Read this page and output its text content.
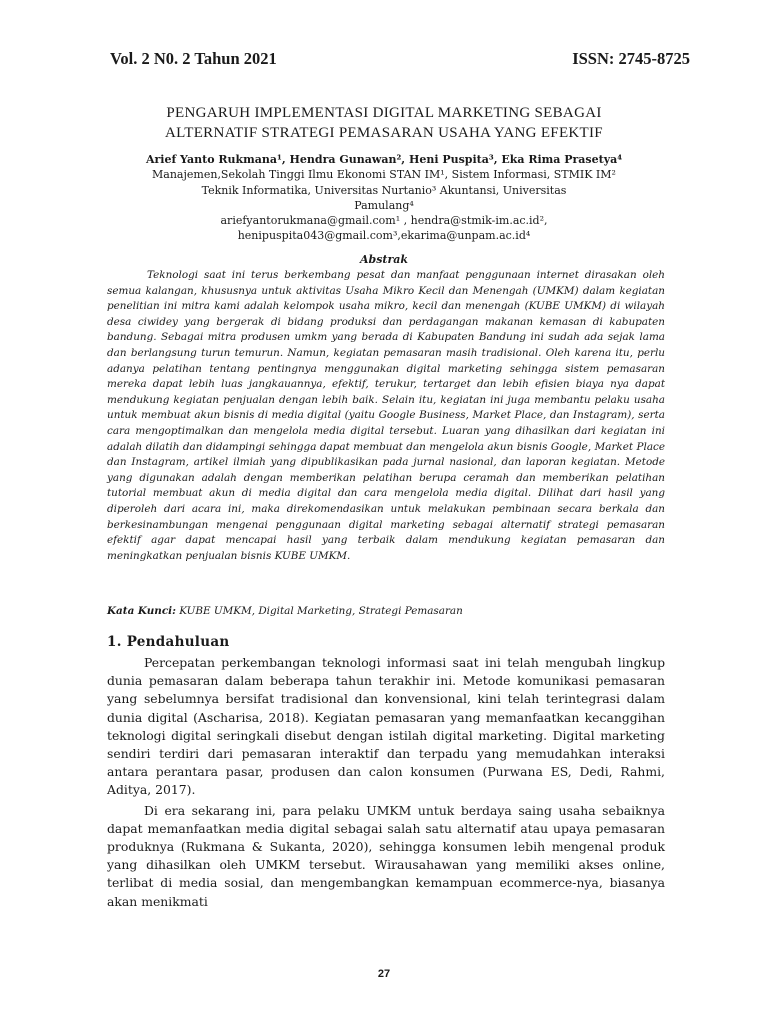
Vol. 2 N0. 2 Tahun 2021	ISSN: 2745-8725
PENGARUH IMPLEMENTASI DIGITAL MARKETING SEBAGAI
ALTERNATIF STRATEGI PEMASARAN USAHA YANG EFEKTIF
Arief Yanto Rukmana¹, Hendra Gunawan², Heni Puspita³, Eka Rima Prasetya⁴
Manajemen,Sekolah Tinggi Ilmu Ekonomi STAN IM¹, Sistem Informasi, STMIK IM²
Teknik Informatika, Universitas Nurtanio³ Akuntansi, Universitas
Pamulang⁴
ariefyantorukmana@gmail.com¹ , hendra@stmik-im.ac.id²,
henipuspita043@gmail.com³,ekarima@unpam.ac.id⁴
Abstrak

Teknologi saat ini terus berkembang pesat dan manfaat penggunaan internet dirasakan oleh semua kalangan, khususnya untuk aktivitas Usaha Mikro Kecil dan Menengah (UMKM) dalam kegiatan penelitian ini mitra kami adalah kelompok usaha mikro, kecil dan menengah (KUBE UMKM) di wilayah desa ciwidey yang bergerak di bidang produksi dan perdagangan makanan kemasan di kabupaten bandung. Sebagai mitra produsen umkm yang berada di Kabupaten Bandung ini sudah ada sejak lama dan berlangsung turun temurun. Namun, kegiatan pemasaran masih tradisional. Oleh karena itu, perlu adanya pelatihan tentang pentingnya menggunakan digital marketing sehingga sistem pemasaran mereka dapat lebih luas jangkauannya, efektif, terukur, tertarget dan lebih efisien biaya nya dapat mendukung kegiatan penjualan dengan lebih baik. Selain itu, kegiatan ini juga membantu pelaku usaha untuk membuat akun bisnis di media digital (yaitu Google Business, Market Place, dan Instagram), serta cara mengoptimalkan dan mengelola media digital tersebut. Luaran yang dihasilkan dari kegiatan ini adalah dilatih dan didampingi sehingga dapat membuat dan mengelola akun bisnis Google, Market Place dan Instagram, artikel ilmiah yang dipublikasikan pada jurnal nasional, dan laporan kegiatan. Metode yang digunakan adalah dengan memberikan pelatihan berupa ceramah dan memberikan pelatihan tutorial membuat akun di media digital dan cara mengelola media digital. Dilihat dari hasil yang diperoleh dari acara ini, maka direkomendasikan untuk melakukan pembinaan secara berkala dan berkesinambungan mengenai penggunaan digital marketing sebagai alternatif strategi pemasaran efektif agar dapat mencapai hasil yang terbaik dalam mendukung kegiatan pemasaran dan meningkatkan penjualan bisnis KUBE UMKM.

Kata Kunci: KUBE UMKM, Digital Marketing, Strategi Pemasaran
1. Pendahuluan

Percepatan perkembangan teknologi informasi saat ini telah mengubah lingkup dunia pemasaran dalam beberapa tahun terakhir ini. Metode komunikasi pemasaran yang sebelumnya bersifat tradisional dan konvensional, kini telah terintegrasi dalam dunia digital (Ascharisa, 2018). Kegiatan pemasaran yang memanfaatkan kecanggihan teknologi digital seringkali disebut dengan istilah digital marketing. Digital marketing sendiri terdiri dari pemasaran interaktif dan terpadu yang memudahkan interaksi antara perantara pasar, produsen dan calon konsumen (Purwana ES, Dedi, Rahmi, Aditya, 2017).

Di era sekarang ini, para pelaku UMKM untuk berdaya saing usaha sebaiknya dapat memanfaatkan media digital sebagai salah satu alternatif atau upaya pemasaran produknya (Rukmana & Sukanta, 2020), sehingga konsumen lebih mengenal produk yang dihasilkan oleh UMKM tersebut. Wirausahawan yang memiliki akses online, terlibat di media sosial, dan mengembangkan kemampuan ecommerce-nya, biasanya akan menikmati

27
